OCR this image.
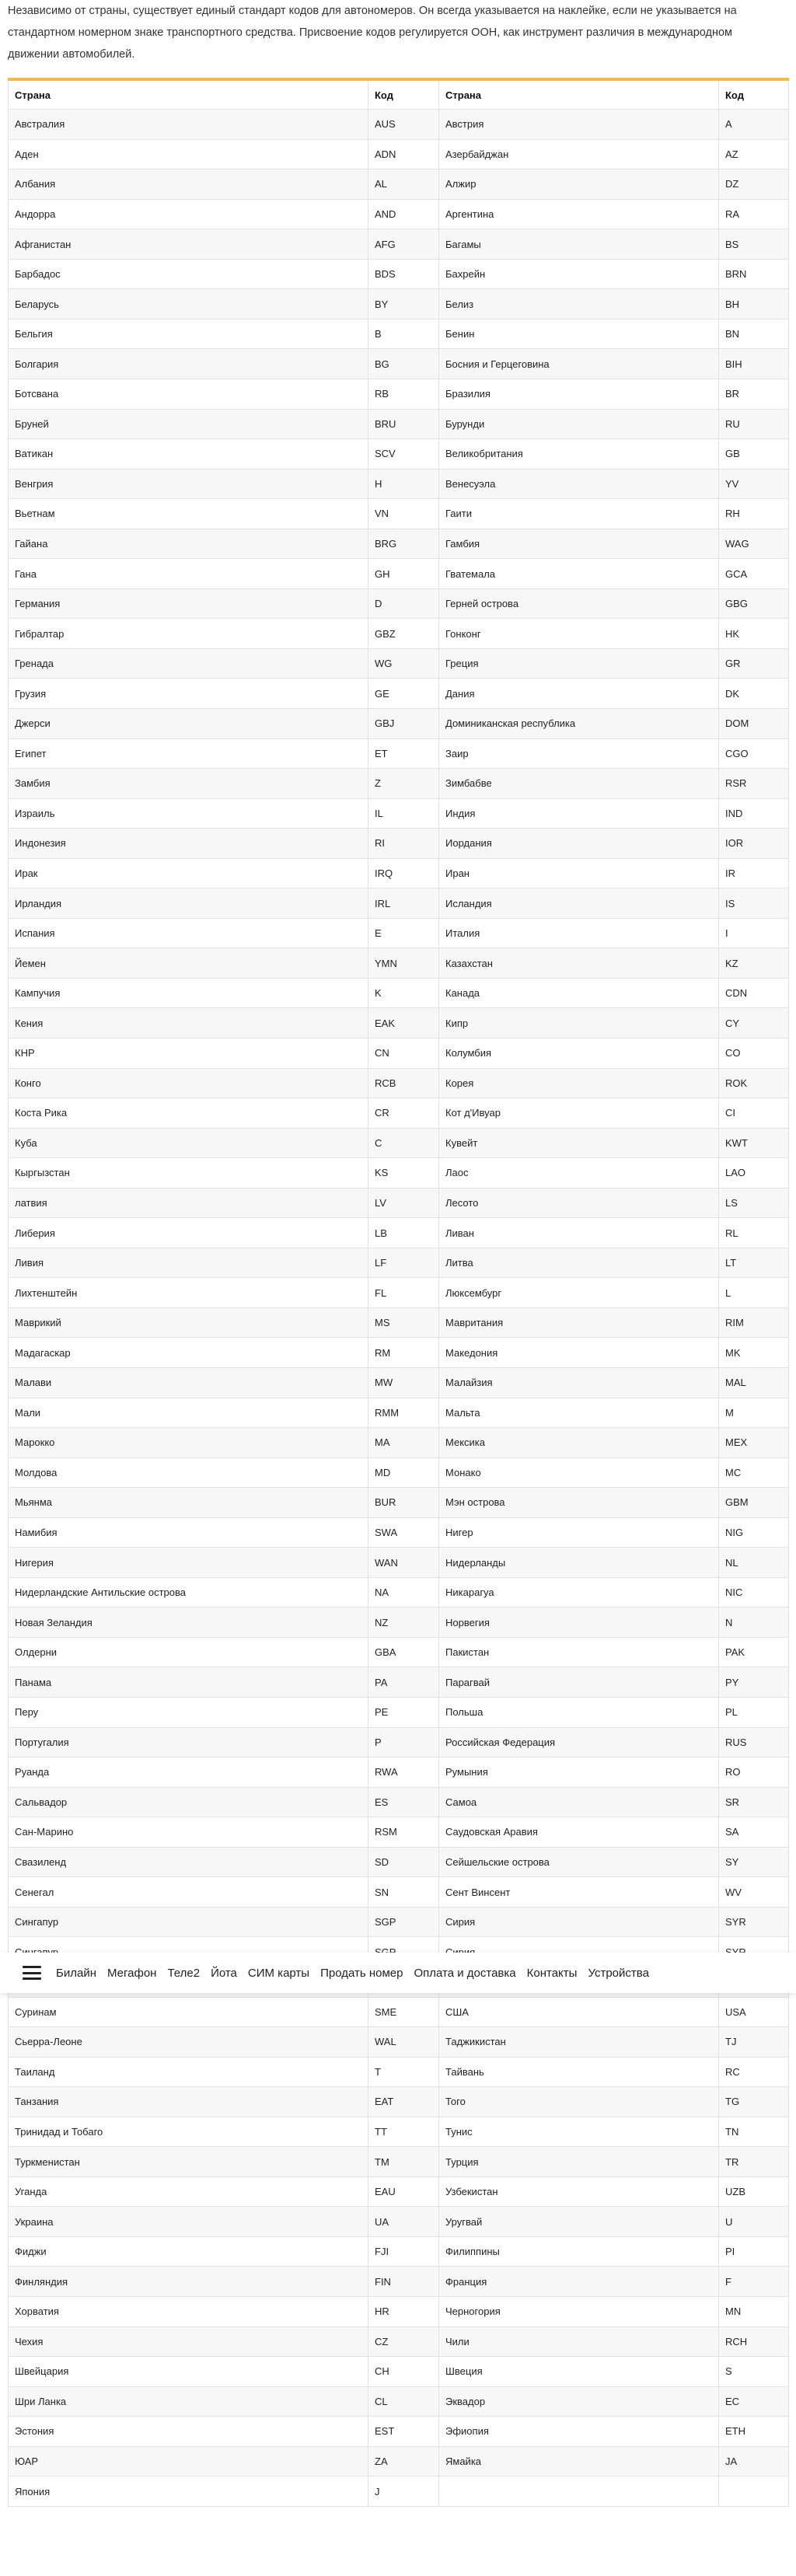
Независимо от страны, существует единый стандарт кодов для автономеров. Он всегда указывается на наклейке, если не указывается на стандартном номерном знаке транспортного средства. Присвоение кодов регулируется ООН, как инструмент различия в международном движении автомобилей.

Страна	Код	Страна	Код
Австралия	AUS	Австрия	A
Аден	ADN	Азербайджан	AZ
Албания	AL	Алжир	DZ
Андорра	AND	Аргентина	RA
Афганистан	AFG	Багамы	BS
Барбадос	BDS	Бахрейн	BRN
Беларусь	BY	Белиз	BH
Бельгия	B	Бенин	BN
Болгария	BG	Босния и Герцеговина	BIH
Ботсвана	RB	Бразилия	BR
Бруней	BRU	Бурунди	RU
Ватикан	SCV	Великобритания	GB
Венгрия	H	Венесуэла	YV
Вьетнам	VN	Гаити	RH
Гайана	BRG	Гамбия	WAG
Гана	GH	Гватемала	GCA
Германия	D	Герней острова	GBG
Гибралтар	GBZ	Гонконг	HK
Гренада	WG	Греция	GR
Грузия	GE	Дания	DK
Джерси	GBJ	Доминиканская республика	DOM
Египет	ET	Заир	CGO
Замбия	Z	Зимбабве	RSR
Израиль	IL	Индия	IND
Индонезия	RI	Иордания	IOR
Ирак	IRQ	Иран	IR
Ирландия	IRL	Исландия	IS
Испания	E	Италия	I
Йемен	YMN	Казахстан	KZ
Кампучия	K	Канада	CDN
Кения	EAK	Кипр	CY
КНР	CN	Колумбия	CO
Конго	RCB	Корея	ROK
Коста Рика	CR	Кот д'Ивуар	CI
Куба	C	Кувейт	KWT
Кыргызстан	KS	Лаос	LAO
латвия	LV	Лесото	LS
Либерия	LB	Ливан	RL
Ливия	LF	Литва	LT
Лихтенштейн	FL	Люксембург	L
Маврикий	MS	Мавритания	RIM
Мадагаскар	RM	Македония	MK
Малави	MW	Малайзия	MAL
Мали	RMM	Мальта	M
Марокко	MA	Мексика	MEX
Молдова	MD	Монако	MC
Мьянма	BUR	Мэн острова	GBM
Намибия	SWA	Нигер	NIG
Нигерия	WAN	Нидерланды	NL
Нидерландские Антильские острова	NA	Никарагуа	NIC
Новая Зеландия	NZ	Норвегия	N
Олдерни	GBA	Пакистан	PAK
Панама	PA	Парагвай	PY
Перу	PE	Польша	PL
Португалия	P	Российская Федерация	RUS
Руанда	RWA	Румыния	RO
Сальвадор	ES	Самоа	SR
Сан-Марино	RSM	Саудовская Аравия	SA
Свазиленд	SD	Сейшельские острова	SY
Сенегал	SN	Сент Винсент	WV
Сингапур	SGP	Сирия	SYR

Суринам	SME	США	USA
Сьерра-Леоне	WAL	Таджикистан	TJ
Таиланд	T	Тайвань	RC
Танзания	EAT	Того	TG
Тринидад и Тобаго	TT	Тунис	TN
Туркменистан	TM	Турция	TR
Уганда	EAU	Узбекистан	UZB
Украина	UA	Уругвай	U
Фиджи	FJI	Филиппины	PI
Финляндия	FIN	Франция	F
Хорватия	HR	Черногория	MN
Чехия	CZ	Чили	RCH
Швейцария	CH	Швеция	S
Шри Ланка	CL	Эквадор	EC
Эстония	EST	Эфиопия	ETH
ЮАР	ZA	Ямайка	JA
Япония	J		
Билайн Мегафон Теле2 Йота СИМ карты Продать номер Оплата и доставка Контакты Устройства
